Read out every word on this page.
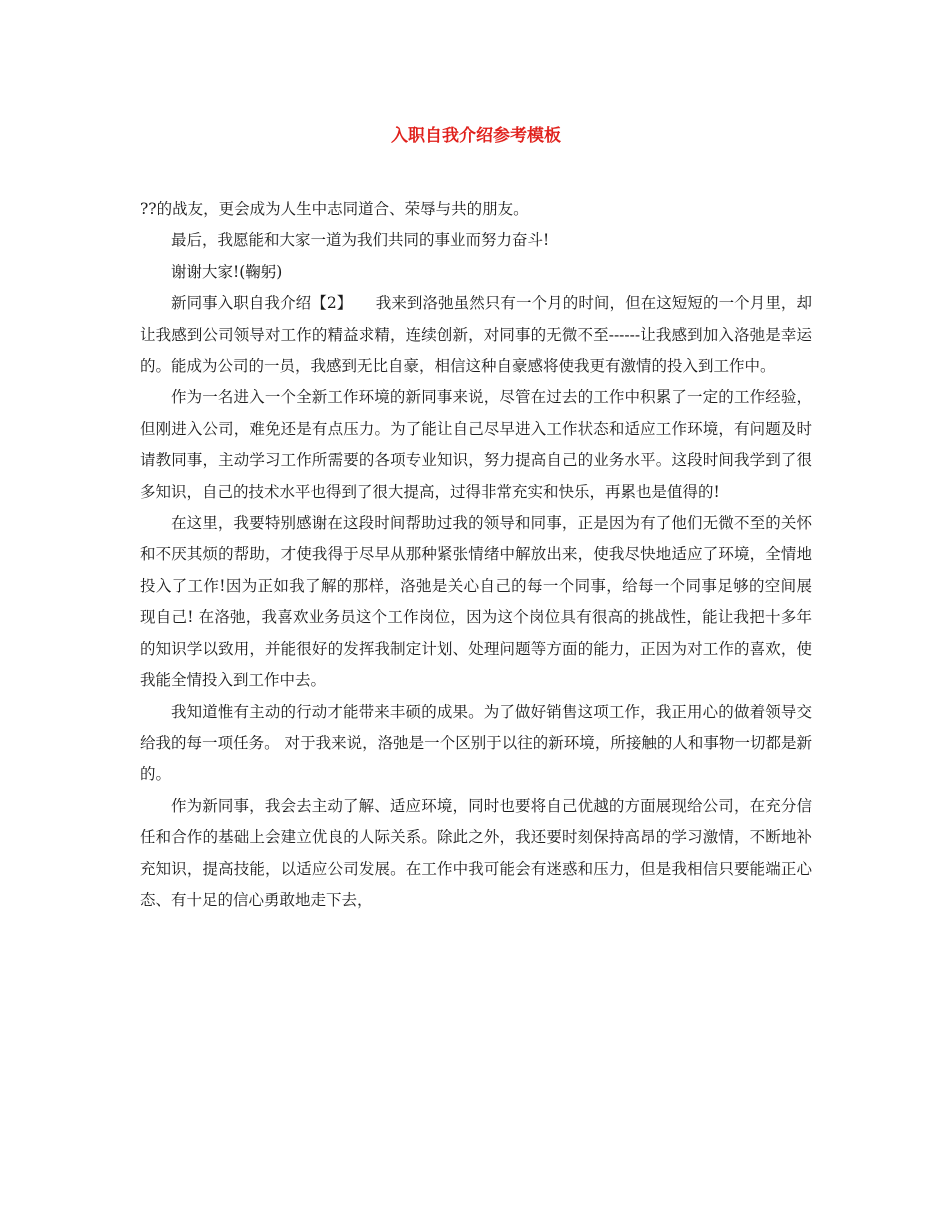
入职自我介绍参考模板

??的战友，更会成为人生中志同道合、荣辱与共的朋友。

最后，我愿能和大家一道为我们共同的事业而努力奋斗!

谢谢大家!(鞠躬)

新同事入职自我介绍【2】　　我来到洛弛虽然只有一个月的时间，但在这短短的一个月里，却让我感到公司领导对工作的精益求精，连续创新，对同事的无微不至------让我感到加入洛弛是幸运的。能成为公司的一员，我感到无比自豪，相信这种自豪感将使我更有激情的投入到工作中。

作为一名进入一个全新工作环境的新同事来说，尽管在过去的工作中积累了一定的工作经验，但刚进入公司，难免还是有点压力。为了能让自己尽早进入工作状态和适应工作环境，有问题及时请教同事，主动学习工作所需要的各项专业知识，努力提高自己的业务水平。这段时间我学到了很多知识，自己的技术水平也得到了很大提高，过得非常充实和快乐，再累也是值得的!

在这里，我要特别感谢在这段时间帮助过我的领导和同事，正是因为有了他们无微不至的关怀和不厌其烦的帮助，才使我得于尽早从那种紧张情绪中解放出来，使我尽快地适应了环境，全情地投入了工作!因为正如我了解的那样，洛弛是关心自己的每一个同事，给每一个同事足够的空间展现自己! 在洛弛，我喜欢业务员这个工作岗位，因为这个岗位具有很高的挑战性，能让我把十多年的知识学以致用，并能很好的发挥我制定计划、处理问题等方面的能力，正因为对工作的喜欢，使我能全情投入到工作中去。

我知道惟有主动的行动才能带来丰硕的成果。为了做好销售这项工作，我正用心的做着领导交给我的每一项任务。 对于我来说，洛弛是一个区别于以往的新环境，所接触的人和事物一切都是新的。

作为新同事，我会去主动了解、适应环境，同时也要将自己优越的方面展现给公司，在充分信任和合作的基础上会建立优良的人际关系。除此之外，我还要时刻保持高昂的学习激情，不断地补充知识，提高技能，以适应公司发展。在工作中我可能会有迷惑和压力，但是我相信只要能端正心态、有十足的信心勇敢地走下去，
